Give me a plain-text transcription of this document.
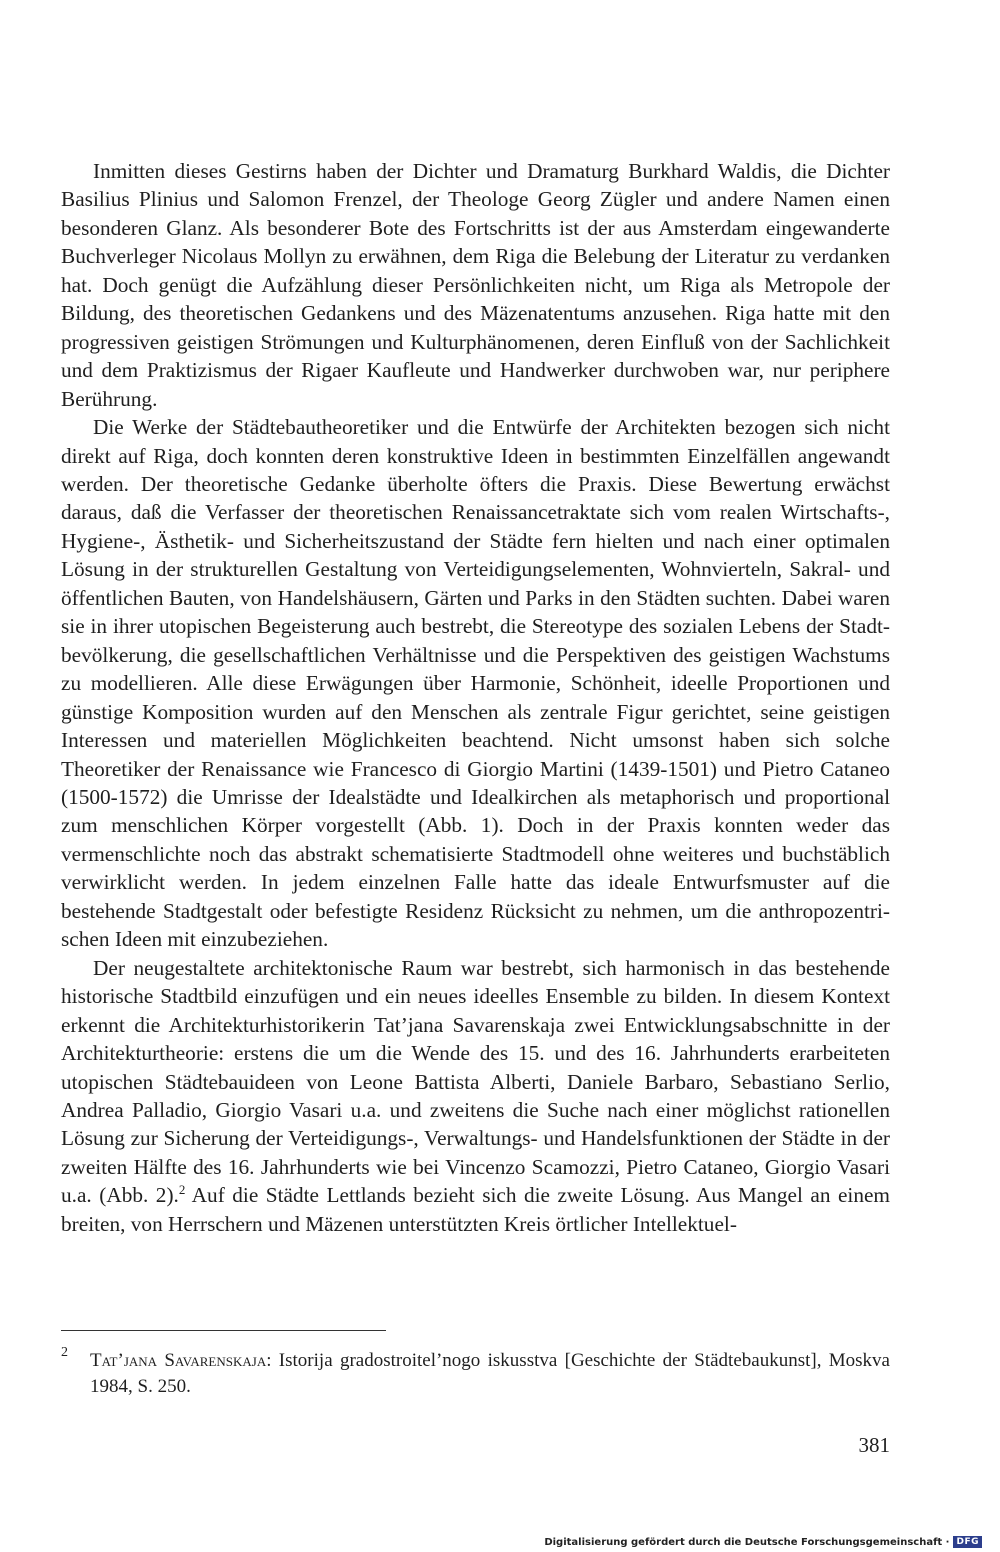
Inmitten dieses Gestirns haben der Dichter und Dramaturg Burkhard Waldis, die Dichter Basilius Plinius und Salomon Frenzel, der Theologe Georg Zügler und andere Namen einen besonderen Glanz. Als besonderer Bote des Fortschritts ist der aus Amsterdam eingewanderte Buchverleger Nicolaus Mollyn zu erwähnen, dem Riga die Belebung der Literatur zu verdanken hat. Doch genügt die Aufzählung dieser Persönlichkeiten nicht, um Riga als Metropole der Bildung, des theoretischen Gedankens und des Mäzenatentums anzusehen. Riga hatte mit den progressiven geistigen Strömungen und Kulturphänomenen, deren Einfluß von der Sachlichkeit und dem Praktizismus der Rigaer Kaufleute und Handwerker durchwoben war, nur periphere Berührung.

Die Werke der Städtebautheoretiker und die Entwürfe der Architekten bezogen sich nicht direkt auf Riga, doch konnten deren konstruktive Ideen in bestimmten Einzelfällen angewandt werden. Der theoretische Gedanke überholte öfters die Praxis. Diese Bewertung erwächst daraus, daß die Verfasser der theoretischen Renaissancetraktate sich vom realen Wirtschafts-, Hygiene-, Ästhetik- und Sicherheitszustand der Städte fern hielten und nach einer optimalen Lösung in der strukturellen Gestaltung von Verteidigungselementen, Wohnvierteln, Sakral- und öffentlichen Bauten, von Handelshäusern, Gärten und Parks in den Städten suchten. Dabei waren sie in ihrer utopischen Begeisterung auch bestrebt, die Stereotype des sozialen Lebens der Stadtbevölkerung, die gesellschaftlichen Verhältnisse und die Perspektiven des geistigen Wachstums zu modellieren. Alle diese Erwägungen über Harmonie, Schönheit, ideelle Proportionen und günstige Komposition wurden auf den Menschen als zentrale Figur gerichtet, seine geistigen Interessen und materiellen Möglichkeiten beachtend. Nicht umsonst haben sich solche Theoretiker der Renaissance wie Francesco di Giorgio Martini (1439-1501) und Pietro Cataneo (1500-1572) die Umrisse der Idealstädte und Idealkirchen als metaphorisch und proportional zum menschlichen Körper vorgestellt (Abb. 1). Doch in der Praxis konnten weder das vermenschlichte noch das abstrakt schematisierte Stadtmodell ohne weiteres und buchstäblich verwirklicht werden. In jedem einzelnen Falle hatte das ideale Entwurfsmuster auf die bestehende Stadtgestalt oder befestigte Residenz Rücksicht zu nehmen, um die anthropozentrischen Ideen mit einzubeziehen.

Der neugestaltete architektonische Raum war bestrebt, sich harmonisch in das bestehende historische Stadtbild einzufügen und ein neues ideelles Ensemble zu bilden. In diesem Kontext erkennt die Architekturhistorikerin Tat’jana Savarenskaja zwei Entwicklungsabschnitte in der Architekturtheorie: erstens die um die Wende des 15. und des 16. Jahrhunderts erarbeiteten utopischen Städtebauideen von Leone Battista Alberti, Daniele Barbaro, Sebastiano Serlio, Andrea Palladio, Giorgio Vasari u.a. und zweitens die Suche nach einer möglichst rationellen Lösung zur Sicherung der Verteidigungs-, Verwaltungs- und Handelsfunktionen der Städte in der zweiten Hälfte des 16. Jahrhunderts wie bei Vincenzo Scamozzi, Pietro Cataneo, Giorgio Vasari u.a. (Abb. 2).$^2$ Auf die Städte Lettlands bezieht sich die zweite Lösung. Aus Mangel an einem breiten, von Herrschern und Mäzenen unterstützten Kreis örtlicher Intellektuel-

2 Tat’jana Savarenskaja: Istorija gradostroitel’nogo iskusstva [Geschichte der Städtebaukunst], Moskva 1984, S. 250.
381
Digitalisierung gefördert durch die Deutsche Forschungsgemeinschaft · DFG
